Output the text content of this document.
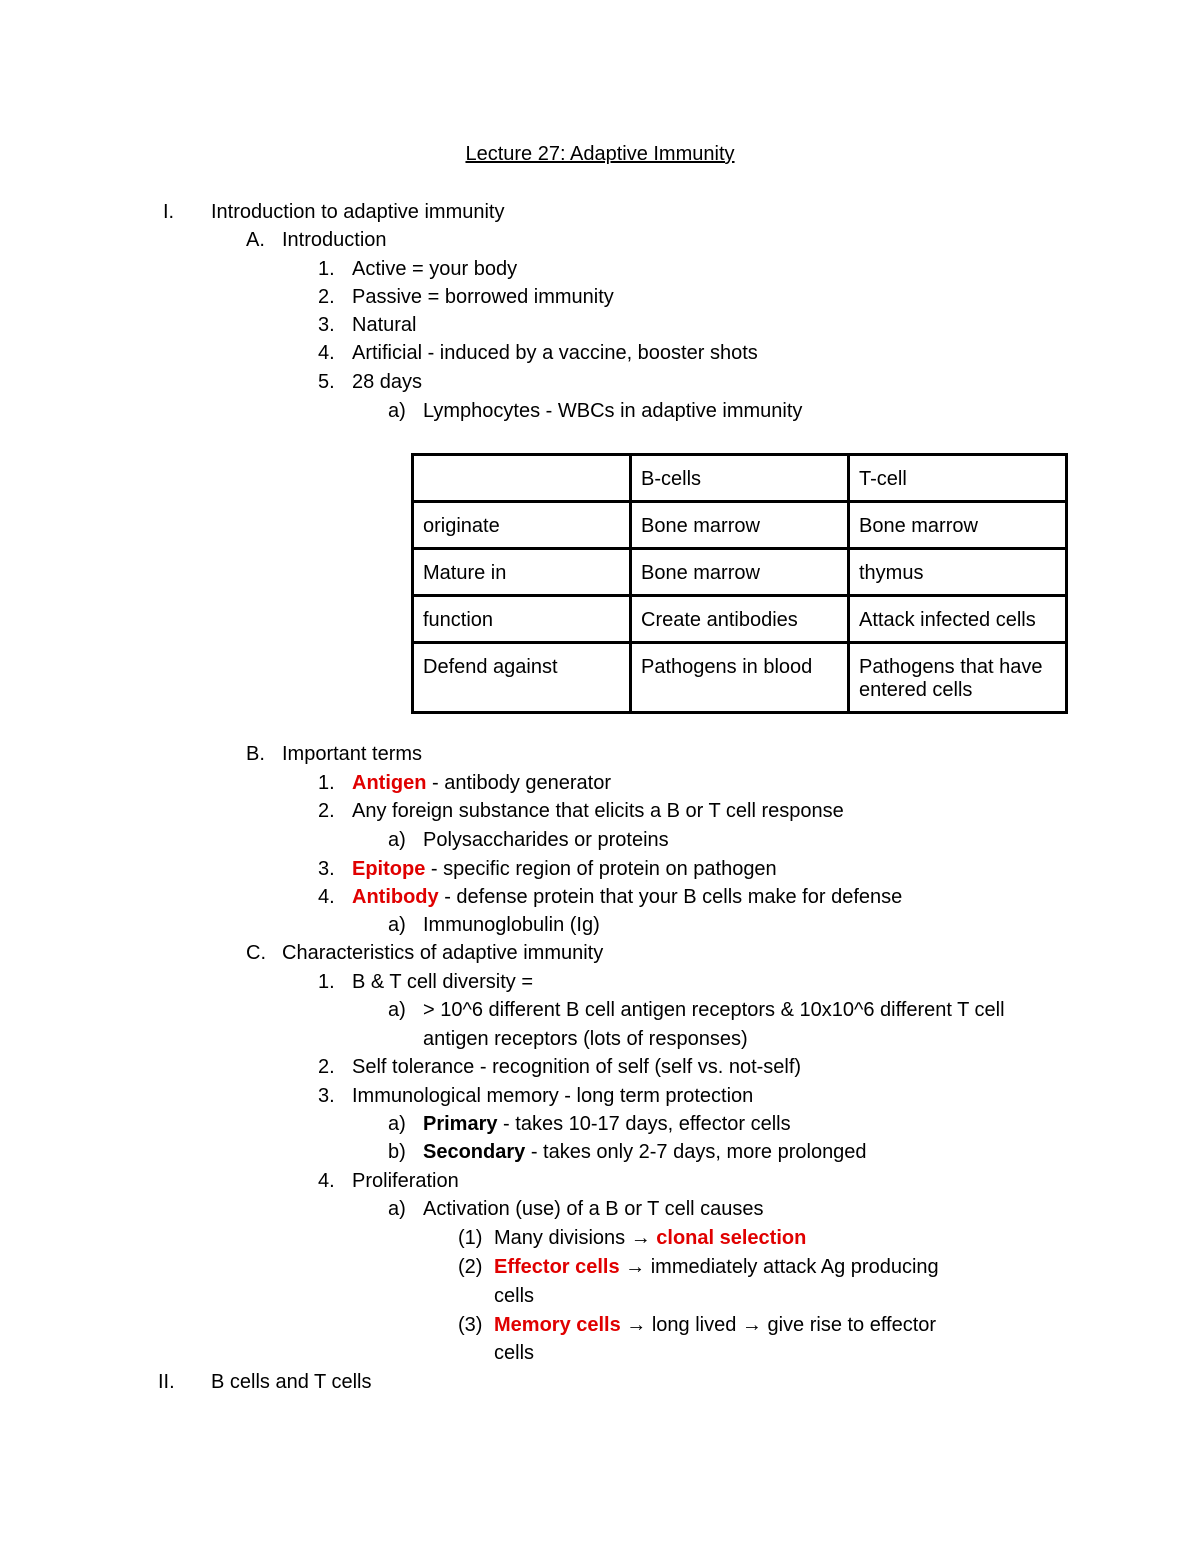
Lecture 27: Adaptive Immunity
I. Introduction to adaptive immunity
A. Introduction
1. Active = your body
2. Passive = borrowed immunity
3. Natural
4. Artificial - induced by a vaccine, booster shots
5. 28 days
a) Lymphocytes - WBCs in adaptive immunity
	B-cells	T-cell
originate	Bone marrow	Bone marrow
Mature in	Bone marrow	thymus
function	Create antibodies	Attack infected cells
Defend against	Pathogens in blood	Pathogens that have entered cells
B. Important terms
1. Antigen - antibody generator
2. Any foreign substance that elicits a B or T cell response
a) Polysaccharides or proteins
3. Epitope - specific region of protein on pathogen
4. Antibody - defense protein that your B cells make for defense
a) Immunoglobulin (Ig)
C. Characteristics of adaptive immunity
1. B & T cell diversity =
a) > 10^6 different B cell antigen receptors & 10x10^6 different T cell
antigen receptors (lots of responses)
2. Self tolerance - recognition of self (self vs. not-self)
3. Immunological memory - long term protection
a) Primary - takes 10-17 days, effector cells
b) Secondary - takes only 2-7 days, more prolonged
4. Proliferation
a) Activation (use) of a B or T cell causes
(1) Many divisions → clonal selection
(2) Effector cells → immediately attack Ag producing
cells
(3) Memory cells → long lived → give rise to effector
cells
II. B cells and T cells
